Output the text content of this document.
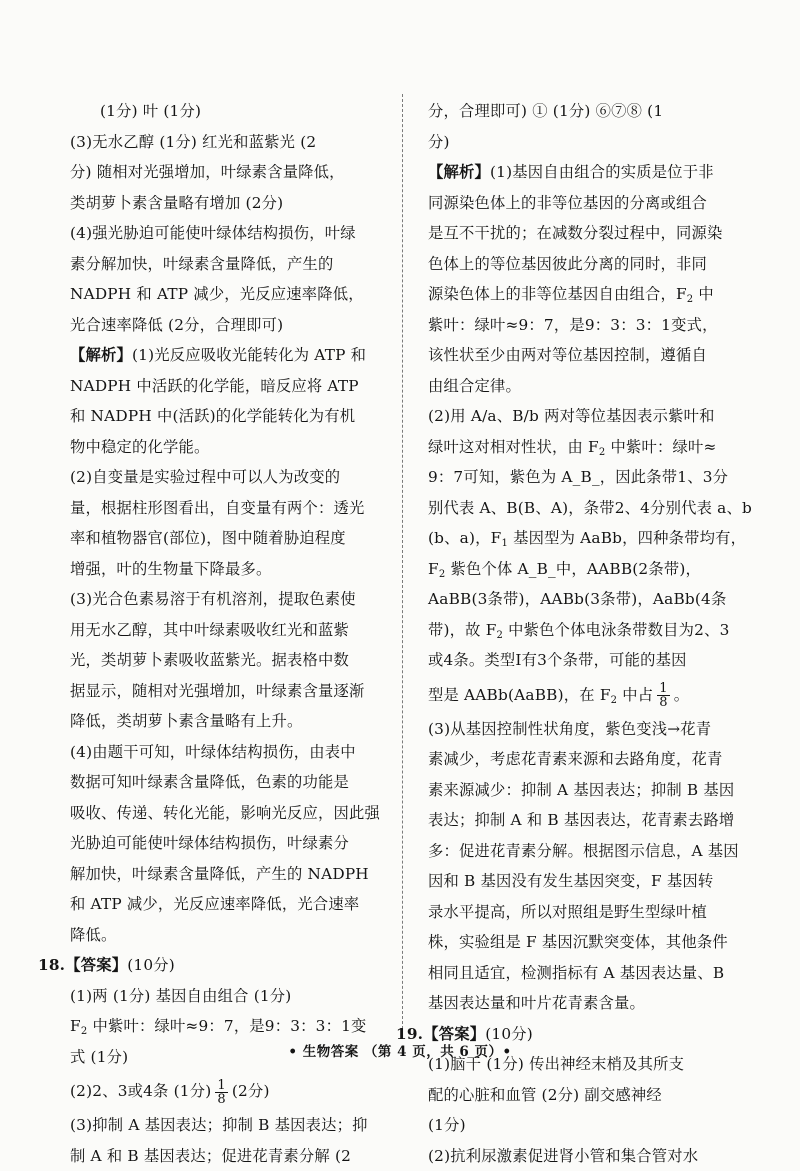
(1分) 叶 (1分)
(3)无水乙醇 (1分) 红光和蓝紫光 (2
分) 随相对光强增加，叶绿素含量降低，
类胡萝卜素含量略有增加 (2分)
(4)强光胁迫可能使叶绿体结构损伤，叶绿
素分解加快，叶绿素含量降低，产生的
NADPH 和 ATP 减少，光反应速率降低，
光合速率降低 (2分，合理即可)
【解析】(1)光反应吸收光能转化为 ATP 和
NADPH 中活跃的化学能，暗反应将 ATP
和 NADPH 中(活跃)的化学能转化为有机
物中稳定的化学能。
(2)自变量是实验过程中可以人为改变的
量，根据柱形图看出，自变量有两个：透光
率和植物器官(部位)，图中随着胁迫程度
增强，叶的生物量下降最多。
(3)光合色素易溶于有机溶剂，提取色素使
用无水乙醇，其中叶绿素吸收红光和蓝紫
光，类胡萝卜素吸收蓝紫光。据表格中数
据显示，随相对光强增加，叶绿素含量逐渐
降低，类胡萝卜素含量略有上升。
(4)由题干可知，叶绿体结构损伤，由表中
数据可知叶绿素含量降低，色素的功能是
吸收、传递、转化光能，影响光反应，因此强
光胁迫可能使叶绿体结构损伤，叶绿素分
解加快，叶绿素含量降低，产生的 NADPH
和 ATP 减少，光反应速率降低，光合速率
降低。
18.【答案】(10分)
(1)两 (1分) 基因自由组合 (1分)
$F_2$ 中紫叶：绿叶≈9：7，是9：3：3：1变
式 (1分)
(2)2、3或4条 (1分) $\frac{1}{8} (2$分)
(3)抑制 A 基因表达；抑制 B 基因表达；抑
制 A 和 B 基因表达；促进花青素分解 (2
分，合理即可) ① (1分) ⑥⑦⑧ (1
分)
【解析】(1)基因自由组合的实质是位于非
同源染色体上的非等位基因的分离或组合
是互不干扰的；在减数分裂过程中，同源染
色体上的等位基因彼此分离的同时，非同
源染色体上的非等位基因自由组合，$F_2$ 中
紫叶：绿叶≈9：7，是9：3：3：1变式，
该性状至少由两对等位基因控制，遵循自
由组合定律。
(2)用 A/a、B/b 两对等位基因表示紫叶和
绿叶这对相对性状，由 $F_2$ 中紫叶：绿叶≈
9：7可知，紫色为 A_B_，因此条带1、3分
别代表 A、B(B、A)，条带2、4分别代表 a、b
(b、a)，$F_1$ 基因型为 AaBb，四种条带均有，
$F_2$ 紫色个体 A_B_中，AABB(2条带)，
AaBB(3条带)，AABb(3条带)，AaBb(4条
带)，故 $F_2$ 中紫色个体电泳条带数目为2、3
或4条。类型Ⅰ有3个条带，可能的基因
型是 AABb(AaBB)，在 $F_2$ 中占 $\frac{1}{8}$ 。
(3)从基因控制性状角度，紫色变浅→花青
素减少，考虑花青素来源和去路角度，花青
素来源减少：抑制 A 基因表达；抑制 B 基因
表达；抑制 A 和 B 基因表达，花青素去路增
多：促进花青素分解。根据图示信息，A 基因
因和 B 基因没有发生基因突变，F 基因转
录水平提高，所以对照组是野生型绿叶植
株，实验组是 F 基因沉默突变体，其他条件
相同且适宜，检测指标有 A 基因表达量、B
基因表达量和叶片花青素含量。
19.【答案】(10分)
(1)脑干 (1分) 传出神经末梢及其所支
配的心脏和血管 (2分) 副交感神经
(1分)
(2)抗利尿激素促进肾小管和集合管对水
• 生物答案 （第 4 页，共 6 页）•
